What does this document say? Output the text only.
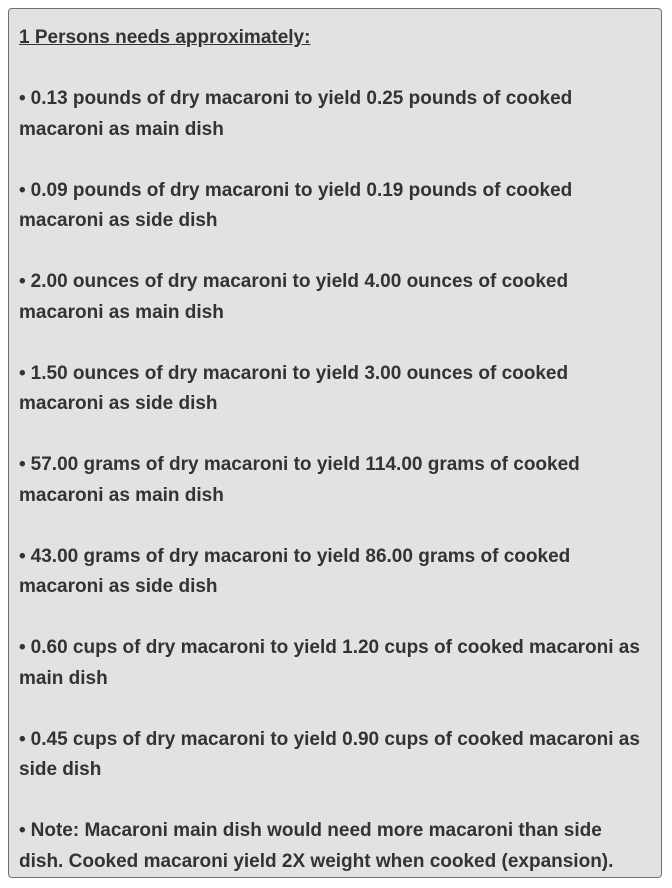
1 Persons needs approximately:

• 0.13 pounds of dry macaroni to yield 0.25 pounds of cooked macaroni as main dish
• 0.09 pounds of dry macaroni to yield 0.19 pounds of cooked macaroni as side dish
• 2.00 ounces of dry macaroni to yield 4.00 ounces of cooked macaroni as main dish
• 1.50 ounces of dry macaroni to yield 3.00 ounces of cooked macaroni as side dish
• 57.00 grams of dry macaroni to yield 114.00 grams of cooked macaroni as main dish
• 43.00 grams of dry macaroni to yield 86.00 grams of cooked macaroni as side dish
• 0.60 cups of dry macaroni to yield 1.20 cups of cooked macaroni as main dish
• 0.45 cups of dry macaroni to yield 0.90 cups of cooked macaroni as side dish
• Note: Macaroni main dish would need more macaroni than side dish. Cooked macaroni yield 2X weight when cooked (expansion).
